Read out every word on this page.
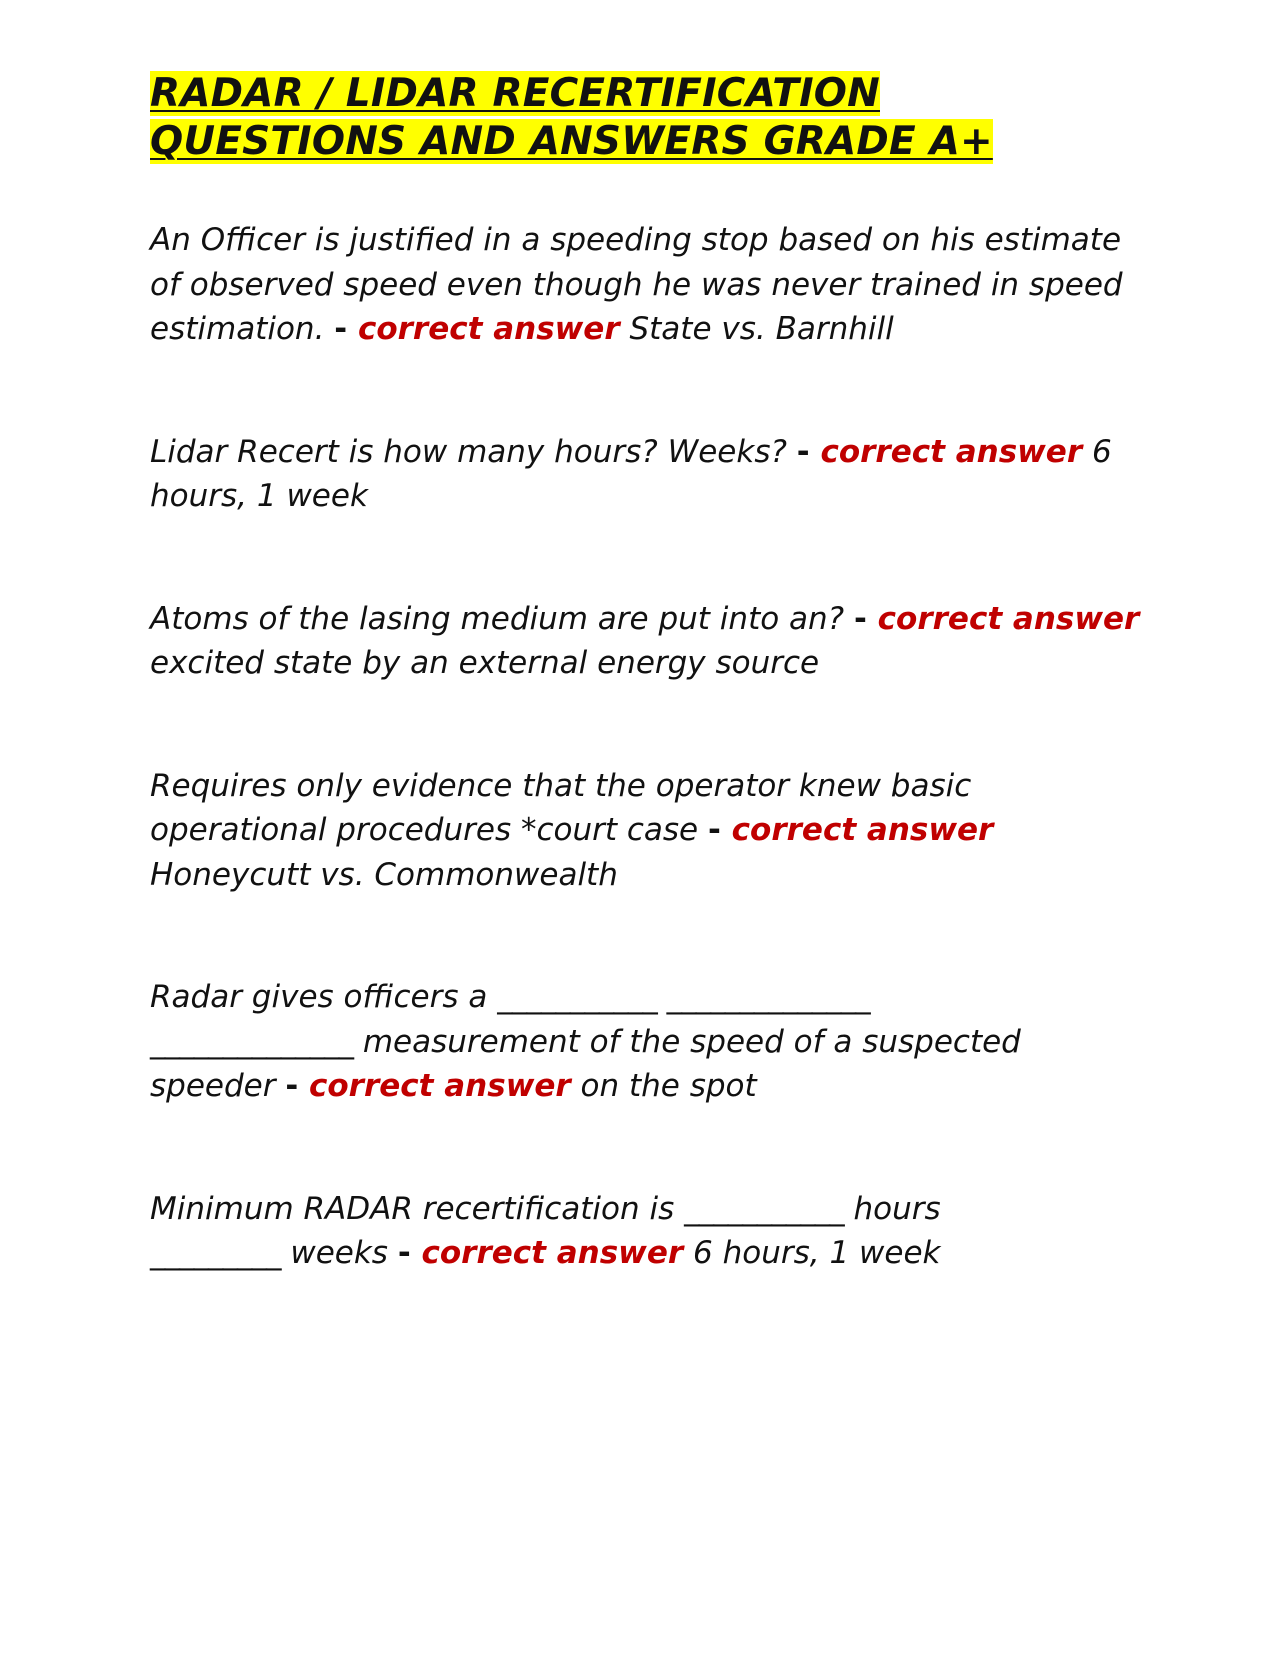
RADAR / LIDAR RECERTIFICATION
QUESTIONS AND ANSWERS GRADE A+

An Officer is justified in a speeding stop based on his estimate of observed speed even though he was never trained in speed estimation. - correct answer State vs. Barnhill

Lidar Recert is how many hours? Weeks? - correct answer 6 hours, 1 week

Atoms of the lasing medium are put into an? - correct answer excited state by an external energy source

Requires only evidence that the operator knew basic operational procedures *court case - correct answer
Honeycutt vs. Commonwealth

Radar gives officers a ___________ ______________
______________ measurement of the speed of a suspected speeder - correct answer on the spot

Minimum RADAR recertification is ___________ hours
_________ weeks - correct answer 6 hours, 1 week
